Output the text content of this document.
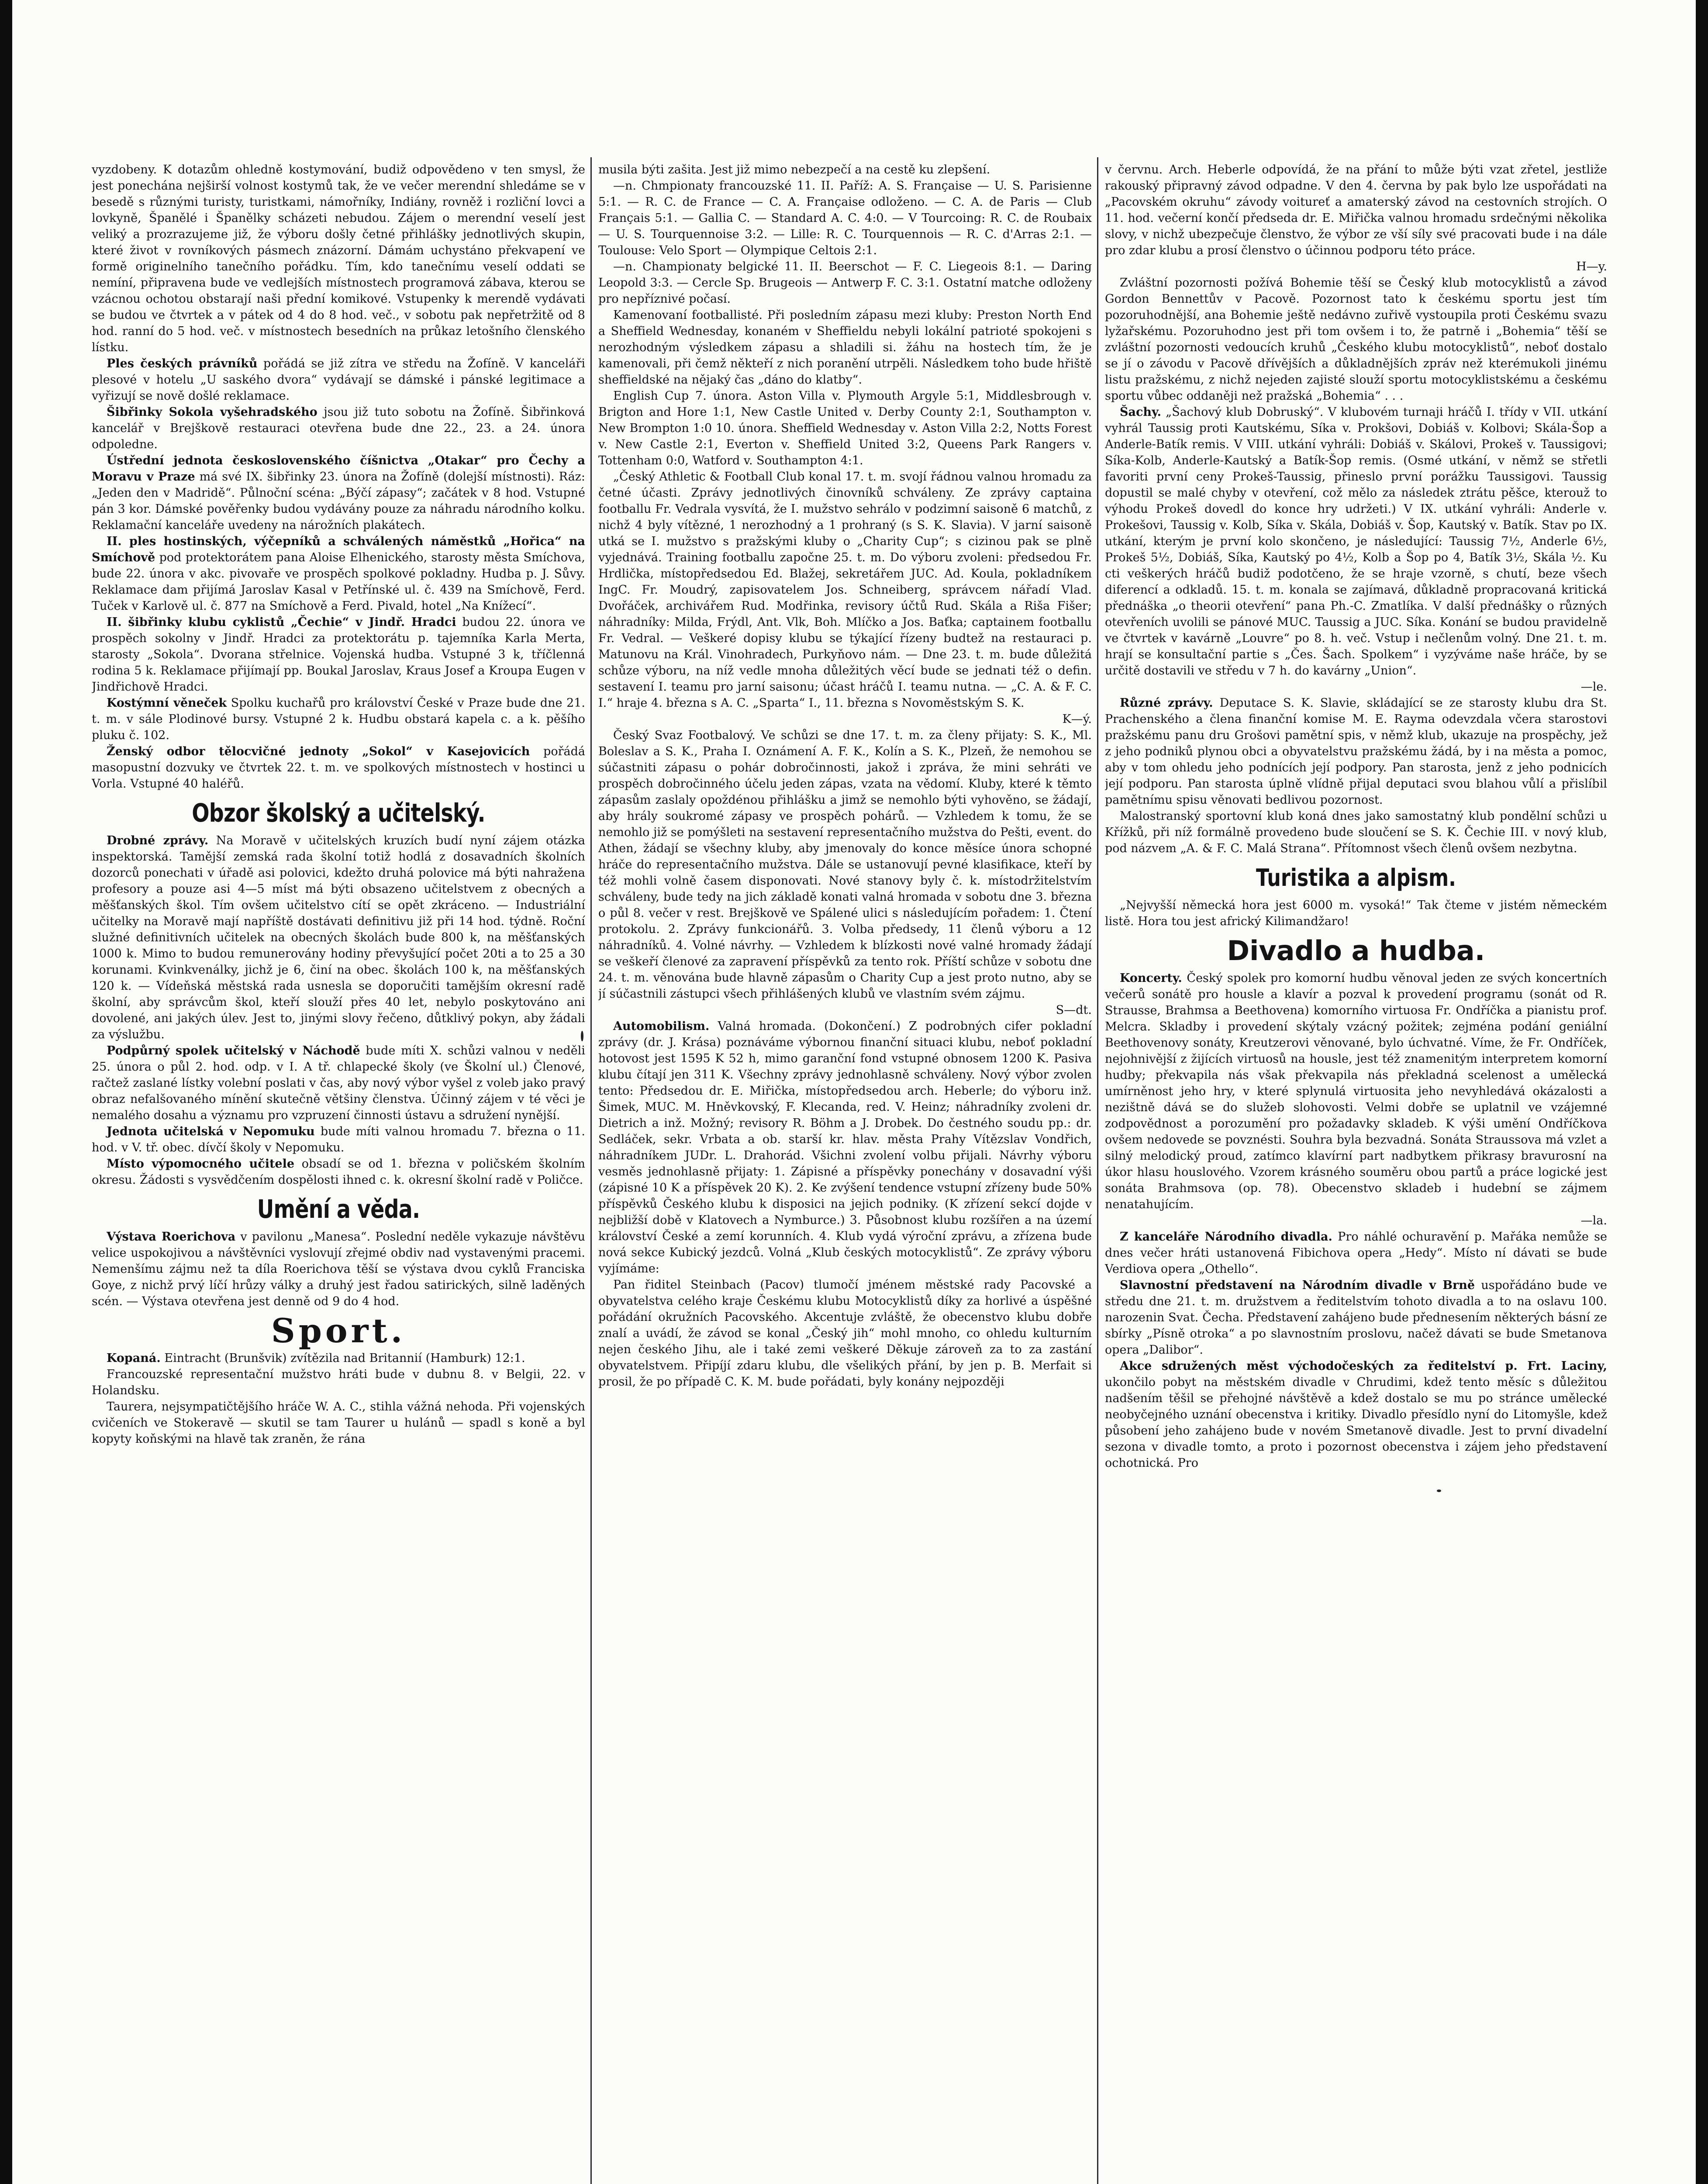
vyzdobeny. K dotazům ohledně kostymování, budiž odpovědeno v ten smysl, že jest ponechána nejširší volnost kostymů tak, že ve večer merendní shledáme se v besedě s různými turisty, turistkami, námořníky, Indiány, rovněž i rozliční lovci a lovkyně, Španělé i Španělky scházeti nebudou. Zájem o merendní veselí jest veliký a prozrazujeme již, že výboru došly četné přihlášky jednotlivých skupin, které život v rovníkových pásmech znázorní. Dámám uchystáno překvapení ve formě originelního tanečního pořádku. Tím, kdo tanečnímu veselí oddati se nemíní, připravena bude ve vedlejších místnostech programová zábava, kterou se vzácnou ochotou obstarají naši přední komikové. Vstupenky k merendě vydávati se budou ve čtvrtek a v pátek od 4 do 8 hod. več., v sobotu pak nepřetržitě od 8 hod. ranní do 5 hod. več. v místnostech besedních na průkaz letošního členského lístku.

Ples českých právníků pořádá se již zítra ve středu na Žofíně. V kanceláři plesové v hotelu „U saského dvora“ vydávají se dámské i pánské legitimace a vyřizují se nově došlé reklamace.

Šibřinky Sokola vyšehradského jsou již tuto sobotu na Žofíně. Šibřinková kancelář v Brejškově restauraci otevřena bude dne 22., 23. a 24. února odpoledne.

Ústřední jednota československého číšnictva „Otakar“ pro Čechy a Moravu v Praze má své IX. šibřinky 23. února na Žofíně (dolejší místnosti). Ráz: „Jeden den v Madridě“. Půlnoční scéna: „Býčí zápasy“; začátek v 8 hod. Vstupné pán 3 kor. Dámské pověřenky budou vydávány pouze za náhradu národního kolku. Reklamační kanceláře uvedeny na nárožních plakátech.

II. ples hostinských, výčepníků a schválených náměstků „Hořica“ na Smíchově pod protektorátem pana Aloise Elhenického, starosty města Smíchova, bude 22. února v akc. pivovaře ve prospěch spolkové pokladny. Hudba p. J. Sůvy. Reklamace dam přijímá Jaroslav Kasal v Petřínské ul. č. 439 na Smíchově, Ferd. Tuček v Karlově ul. č. 877 na Smíchově a Ferd. Pivald, hotel „Na Knížecí“.

II. šibřinky klubu cyklistů „Čechie“ v Jindř. Hradci budou 22. února ve prospěch sokolny v Jindř. Hradci za protektorátu p. tajemníka Karla Merta, starosty „Sokola“. Dvorana střelnice. Vojenská hudba. Vstupné 3 k, tříčlenná rodina 5 k. Reklamace přijímají pp. Boukal Jaroslav, Kraus Josef a Kroupa Eugen v Jindřichově Hradci.

Kostýmní věneček Spolku kuchařů pro království České v Praze bude dne 21. t. m. v sále Plodinové bursy. Vstupné 2 k. Hudbu obstará kapela c. a k. pěšího pluku č. 102.

Ženský odbor tělocvičné jednoty „Sokol“ v Kasejovicích pořádá masopustní dozvuky ve čtvrtek 22. t. m. ve spolkových místnostech v hostinci u Vorla. Vstupné 40 haléřů.

Obzor školský a učitelský.

Drobné zprávy. Na Moravě v učitelských kruzích budí nyní zájem otázka inspektorská. Tamější zemská rada školní totiž hodlá z dosavadních školních dozorců ponechati v úřadě asi polovici, kdežto druhá polovice má býti nahražena profesory a pouze asi 4—5 míst má býti obsazeno učitelstvem z obecných a měšťanských škol. Tím ovšem učitelstvo cítí se opět zkráceno. — Industriální učitelky na Moravě mají napříště dostávati definitivu již při 14 hod. týdně. Roční služné definitivních učitelek na obecných školách bude 800 k, na měšťanských 1000 k. Mimo to budou remunerovány hodiny převyšující počet 20ti a to 25 a 30 korunami. Kvinkvenálky, jichž je 6, činí na obec. školách 100 k, na měšťanských 120 k. — Vídeňská městská rada usnesla se doporučiti tamějším okresní radě školní, aby správcům škol, kteří slouží přes 40 let, nebylo poskytováno ani dovolené, ani jakých úlev. Jest to, jinými slovy řečeno, důtklivý pokyn, aby žádali za výslužbu.

Podpůrný spolek učitelský v Náchodě bude míti X. schůzi valnou v neděli 25. února o půl 2. hod. odp. v I. A tř. chlapecké školy (ve Školní ul.) Členové, račtež zaslané lístky volební poslati v čas, aby nový výbor vyšel z voleb jako pravý obraz nefalšovaného mínění skutečně většiny členstva. Účinný zájem v té věci je nemalého dosahu a významu pro vzpruzení činnosti ústavu a sdružení nynější.

Jednota učitelská v Nepomuku bude míti valnou hromadu 7. března o 11. hod. v V. tř. obec. dívčí školy v Nepomuku.

Místo výpomocného učitele obsadí se od 1. března v poličském školním okresu. Žádosti s vysvědčením dospělosti ihned c. k. okresní školní radě v Poličce.

Umění a věda.

Výstava Roerichova v pavilonu „Manesa“. Poslední neděle vykazuje návštěvu velice uspokojivou a návštěvníci vyslovují zřejmé obdiv nad vystavenými pracemi. Nemenšímu zájmu než ta díla Roerichova těší se výstava dvou cyklů Franciska Goye, z nichž prvý líčí hrůzy války a druhý jest řadou satirických, silně laděných scén. — Výstava otevřena jest denně od 9 do 4 hod.

Sport.

Kopaná. Eintracht (Brunšvik) zvítězila nad Britannií (Hamburk) 12:1.

Francouzské representační mužstvo hráti bude v dubnu 8. v Belgii, 22. v Holandsku.

Taurera, nejsympatičtějšího hráče W. A. C., stihla vážná nehoda. Při vojenských cvičeních ve Stokeravě — skutil se tam Taurer u hulánů — spadl s koně a byl kopyty koňskými na hlavě tak zraněn, že rána

musila býti zašita. Jest již mimo nebezpečí a na cestě ku zlepšení.

—n. Chmpionaty francouzské 11. II. Paříž: A. S. Française — U. S. Parisienne 5:1. — R. C. de France — C. A. Française odloženo. — C. A. de Paris — Club Français 5:1. — Gallia C. — Standard A. C. 4:0. — V Tourcoing: R. C. de Roubaix — U. S. Tourquennoise 3:2. — Lille: R. C. Tourquennois — R. C. d'Arras 2:1. — Toulouse: Velo Sport — Olympique Celtois 2:1.

—n. Championaty belgické 11. II. Beerschot — F. C. Liegeois 8:1. — Daring Leopold 3:3. — Cercle Sp. Brugeois — Antwerp F. C. 3:1. Ostatní matche odloženy pro nepříznivé počasí.

Kamenovaní footballisté. Při posledním zápasu mezi kluby: Preston North End a Sheffield Wednesday, konaném v Sheffieldu nebyli lokální patrioté spokojeni s nerozhodným výsledkem zápasu a shladili si. žáhu na hostech tím, že je kamenovali, při čemž někteří z nich poranění utrpěli. Následkem toho bude hřiště sheffieldské na nějaký čas „dáno do klatby“.

English Cup 7. února. Aston Villa v. Plymouth Argyle 5:1, Middlesbrough v. Brigton and Hore 1:1, New Castle United v. Derby County 2:1, Southampton v. New Brompton 1:0 10. února. Sheffield Wednesday v. Aston Villa 2:2, Notts Forest v. New Castle 2:1, Everton v. Sheffield United 3:2, Queens Park Rangers v. Tottenham 0:0, Watford v. Southampton 4:1.

„Český Athletic & Football Club konal 17. t. m. svojí řádnou valnou hromadu za četné účasti. Zprávy jednotlivých činovníků schváleny. Ze zprávy captaina footballu Fr. Vedrala vysvítá, že I. mužstvo sehrálo v podzimní saisoně 6 matchů, z nichž 4 byly vítězné, 1 nerozhodný a 1 prohraný (s S. K. Slavia). V jarní saisoně utká se I. mužstvo s pražskými kluby o „Charity Cup“; s cizinou pak se plně vyjednává. Training footballu započne 25. t. m. Do výboru zvoleni: předsedou Fr. Hrdlička, místopředsedou Ed. Blažej, sekretářem JUC. Ad. Koula, pokladníkem IngC. Fr. Moudrý, zapisovatelem Jos. Schneiberg, správcem nářadí Vlad. Dvořáček, archivářem Rud. Modřinka, revisory účtů Rud. Skála a Riša Fišer; náhradníky: Milda, Frýdl, Ant. Vlk, Boh. Mlíčko a Jos. Baťka; captainem footballu Fr. Vedral. — Veškeré dopisy klubu se týkající řízeny budtež na restauraci p. Matunovu na Král. Vinohradech, Purkyňovo nám. — Dne 23. t. m. bude důležitá schůze výboru, na níž vedle mnoha důležitých věcí bude se jednati též o defin. sestavení I. teamu pro jarní saisonu; účast hráčů I. teamu nutna. — „C. A. & F. C. I.“ hraje 4. března s A. C. „Sparta“ I., 11. března s Novoměstským S. K.

K—ý.

Český Svaz Footbalový. Ve schůzi se dne 17. t. m. za členy přijaty: S. K., Ml. Boleslav a S. K., Praha I. Oznámení A. F. K., Kolín a S. K., Plzeň, že nemohou se súčastniti zápasu o pohár dobročinnosti, jakož i zpráva, že mini sehráti ve prospěch dobročinného účelu jeden zápas, vzata na vědomí. Kluby, které k těmto zápasům zaslaly opoždénou přihlášku a jimž se nemohlo býti vyhověno, se žádají, aby hrály soukromé zápasy ve prospěch pohárů. — Vzhledem k tomu, že se nemohlo již se pomýšleti na sestavení representačního mužstva do Pešti, event. do Athen, žádají se všechny kluby, aby jmenovaly do konce měsíce února schopné hráče do representačního mužstva. Dále se ustanovují pevné klasifikace, kteří by též mohli volně časem disponovati. Nové stanovy byly č. k. místodržitelstvím schváleny, bude tedy na jich základě konati valná hromada v sobotu dne 3. března o půl 8. večer v rest. Brejškově ve Spálené ulici s následujícím pořadem: 1. Čtení protokolu. 2. Zprávy funkcionářů. 3. Volba předsedy, 11 členů výboru a 12 náhradníků. 4. Volné návrhy. — Vzhledem k blízkosti nové valné hromady žádají se veškeří členové za zapravení příspěvků za tento rok. Příští schůze v sobotu dne 24. t. m. věnována bude hlavně zápasům o Charity Cup a jest proto nutno, aby se jí súčastnili zástupci všech přihlášených klubů ve vlastním svém zájmu.

S—dt.

Automobilism. Valná hromada. (Dokončení.) Z podrobných cifer pokladní zprávy (dr. J. Krása) poznáváme výbornou finanční situaci klubu, neboť pokladní hotovost jest 1595 K 52 h, mimo garanční fond vstupné obnosem 1200 K. Pasiva klubu čítají jen 311 K. Všechny zprávy jednohlasně schváleny. Nový výbor zvolen tento: Předsedou dr. E. Miřička, místopředsedou arch. Heberle; do výboru inž. Šimek, MUC. M. Hněvkovský, F. Klecanda, red. V. Heinz; náhradníky zvoleni dr. Dietrich a inž. Možný; revisory R. Böhm a J. Drobek. Do čestného soudu pp.: dr. Sedláček, sekr. Vrbata a ob. starší kr. hlav. města Prahy Vítězslav Vondřich, náhradníkem JUDr. L. Drahorád. Všichni zvolení volbu přijali. Návrhy výboru vesměs jednohlasně přijaty: 1. Zápisné a příspěvky ponechány v dosavadní výši (zápisné 10 K a příspěvek 20 K). 2. Ke zvýšení tendence vstupní zřízeny bude 50% příspěvků Českého klubu k disposici na jejich podniky. (K zřízení sekcí dojde v nejbližší době v Klatovech a Nymburce.) 3. Působnost klubu rozšířen a na území království České a zemí korunních. 4. Klub vydá výroční zprávu, a zřízena bude nová sekce Kubický jezdců. Volná „Klub českých motocyklistů“. Ze zprávy výboru vyjímáme:

Pan řiditel Steinbach (Pacov) tlumočí jménem městské rady Pacovské a obyvatelstva celého kraje Českému klubu Motocyklistů díky za horlivé a úspěšné pořádání okružních Pacovského. Akcentuje zvláště, že obecenstvo klubu dobře znalí a uvádí, že závod se konal „Český jih“ mohl mnoho, co ohledu kulturním nejen českého Jihu, ale i také zemi veškeré Děkuje zároveň za to za zastání obyvatelstvem. Připíjí zdaru klubu, dle všelikých přání, by jen p. B. Merfait si prosil, že po případě C. K. M. bude pořádati, byly konány nejpozději

v červnu. Arch. Heberle odpovídá, že na přání to může býti vzat zřetel, jestliže rakouský připravný závod odpadne. V den 4. června by pak bylo lze uspořádati na „Pacovském okruhu“ závody voitureť a amaterský závod na cestovních strojích. O 11. hod. večerní končí předseda dr. E. Miřička valnou hromadu srdečnými několika slovy, v nichž ubezpečuje členstvo, že výbor ze vší síly své pracovati bude i na dále pro zdar klubu a prosí členstvo o účinnou podporu této práce.

H—y.

Zvláštní pozornosti požívá Bohemie těší se Český klub motocyklistů a závod Gordon Bennettův v Pacově. Pozornost tato k českému sportu jest tím pozoruhodnější, ana Bohemie ještě nedávno zuřivě vystoupila proti Českému svazu lyžařskému. Pozoruhodno jest při tom ovšem i to, že patrně i „Bohemia“ těší se zvláštní pozornosti vedoucích kruhů „Českého klubu motocyklistů“, neboť dostalo se jí o závodu v Pacově dřívějších a důkladnějších zpráv než kterémukoli jinému listu pražskému, z nichž nejeden zajisté slouží sportu motocyklistskému a českému sportu vůbec oddaněji než pražská „Bohemia“ . . .

Šachy. „Šachový klub Dobruský“. V klubovém turnaji hráčů I. třídy v VII. utkání vyhrál Taussig proti Kautskému, Síka v. Prokšovi, Dobiáš v. Kolbovi; Skála-Šop a Anderle-Batík remis. V VIII. utkání vyhráli: Dobiáš v. Skálovi, Prokeš v. Taussigovi; Síka-Kolb, Anderle-Kautský a Batík-Šop remis. (Osmé utkání, v němž se střetli favoriti první ceny Prokeš-Taussig, přineslo první porážku Taussigovi. Taussig dopustil se malé chyby v otevření, což mělo za následek ztrátu pěšce, kterouž to výhodu Prokeš dovedl do konce hry udržeti.) V IX. utkání vyhráli: Anderle v. Prokešovi, Taussig v. Kolb, Síka v. Skála, Dobiáš v. Šop, Kautský v. Batík. Stav po IX. utkání, kterým je první kolo skončeno, je následující: Taussig 7½, Anderle 6½, Prokeš 5½, Dobiáš, Síka, Kautský po 4½, Kolb a Šop po 4, Batík 3½, Skála ½. Ku cti veškerých hráčů budiž podotčeno, že se hraje vzorně, s chutí, beze všech diferencí a odkladů. 15. t. m. konala se zajímavá, důkladně propracovaná kritická přednáška „o theorii otevření“ pana Ph.-C. Zmatlíka. V další přednášky o různých otevřeních uvolili se pánové MUC. Taussig a JUC. Síka. Konání se budou pravidelně ve čtvrtek v kavárně „Louvre“ po 8. h. več. Vstup i nečlenům volný. Dne 21. t. m. hrají se konsultační partie s „Čes. Šach. Spolkem“ i vyzýváme naše hráče, by se určitě dostavili ve středu v 7 h. do kavárny „Union“.

—le.

Různé zprávy. Deputace S. K. Slavie, skládající se ze starosty klubu dra St. Prachenského a člena finanční komise M. E. Rayma odevzdala včera starostovi pražskému panu dru Grošovi pamětní spis, v němž klub, ukazuje na prospěchy, jež z jeho podniků plynou obci a obyvatelstvu pražskému žádá, by i na města a pomoc, aby v tom ohledu jeho podnících její podpory. Pan starosta, jenž z jeho podnicích její podporu. Pan starosta úplně vlídně přijal deputaci svou blahou vůlí a přislíbil pamětnímu spisu věnovati bedlivou pozornost.

Malostranský sportovní klub koná dnes jako samostatný klub pondělní schůzi u Křížků, při níž formálně provedeno bude sloučení se S. K. Čechie III. v nový klub, pod názvem „A. & F. C. Malá Strana“. Přítomnost všech členů ovšem nezbytna.

Turistika a alpism.

„Nejvyšší německá hora jest 6000 m. vysoká!“ Tak čteme v jistém německém listě. Hora tou jest africký Kilimandžaro!

Divadlo a hudba.

Koncerty. Český spolek pro komorní hudbu věnoval jeden ze svých koncertních večerů sonátě pro housle a klavír a pozval k provedení programu (sonát od R. Strausse, Brahmsa a Beethovena) komorního virtuosa Fr. Ondříčka a pianistu prof. Melcra. Skladby i provedení skýtaly vzácný požitek; zejména podání geniální Beethovenovy sonáty, Kreutzerovi věnované, bylo úchvatné. Víme, že Fr. Ondříček, nejohnivější z žijících virtuosů na housle, jest též znamenitým interpretem komorní hudby; překvapila nás však překvapila nás překladná scelenost a umělecká umírněnost jeho hry, v které splynulá virtuosita jeho nevyhledává okázalosti a nezištně dává se do služeb slohovosti. Velmi dobře se uplatnil ve vzájemné zodpovědnost a porozumění pro požadavky skladeb. K výši umění Ondříčkova ovšem nedovede se povznésti. Souhra byla bezvadná. Sonáta Straussova má vzlet a silný melodický proud, zatímco klavírní part nadbytkem přikrasy bravurosní na úkor hlasu houslového. Vzorem krásného souměru obou partů a práce logické jest sonáta Brahmsova (op. 78). Obecenstvo skladeb i hudební se zájmem nenatahujícím.

—la.

Z kanceláře Národního divadla. Pro náhlé ochuravění p. Mařáka nemůže se dnes večer hráti ustanovená Fibichova opera „Hedy“. Místo ní dávati se bude Verdiova opera „Othello“.

Slavnostní představení na Národním divadle v Brně uspořádáno bude ve středu dne 21. t. m. družstvem a ředitelstvím tohoto divadla a to na oslavu 100. narozenin Svat. Čecha. Představení zahájeno bude přednesením některých básní ze sbírky „Písně otroka“ a po slavnostním proslovu, načež dávati se bude Smetanova opera „Dalibor“.

Akce sdružených měst východočeských za ředitelství p. Frt. Laciny, ukončilo pobyt na městském divadle v Chrudimi, kdež tento měsíc s důležitou nadšením těšil se přehojné návštěvě a kdež dostalo se mu po stránce umělecké neobyčejného uznání obecenstva i kritiky. Divadlo přesídlo nyní do Litomyšle, kdež působení jeho zahájeno bude v novém Smetanově divadle. Jest to první divadelní sezona v divadle tomto, a proto i pozornost obecenstva i zájem jeho představení ochotnická. Pro
